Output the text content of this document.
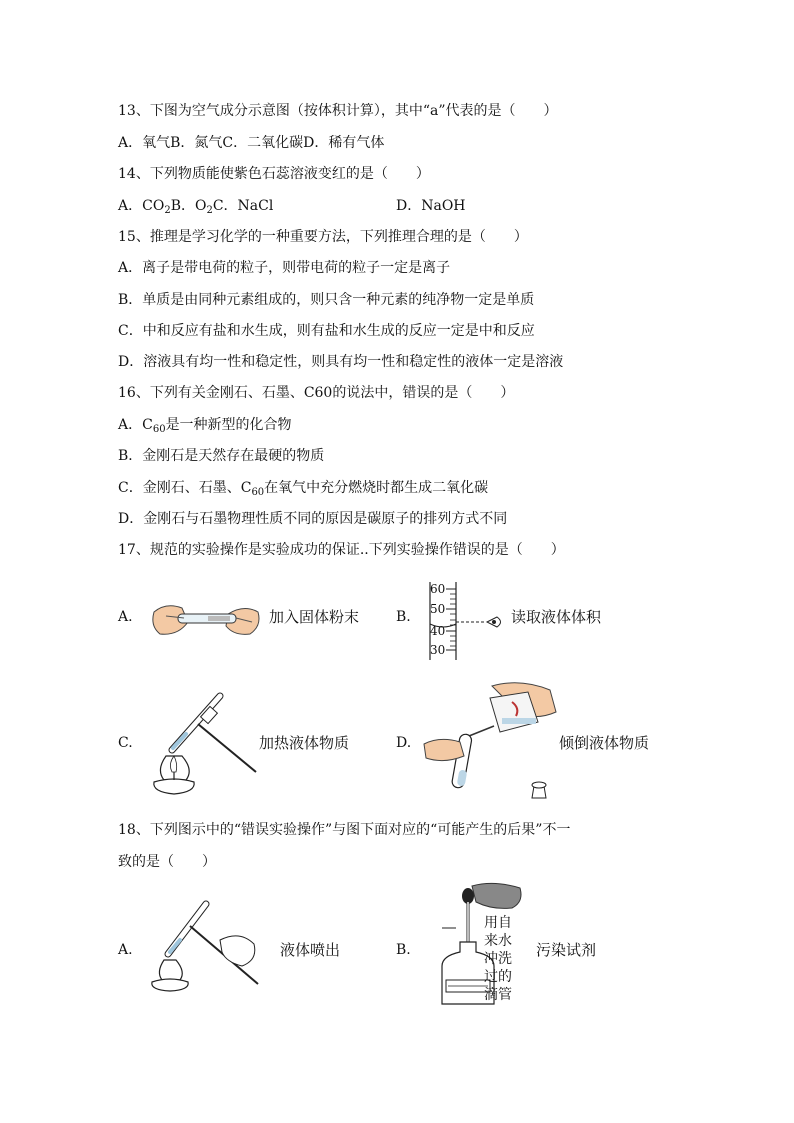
13、下图为空气成分示意图（按体积计算），其中“a”代表的是（　　）
A．氧气B．氮气C．二氧化碳D．稀有气体
14、下列物质能使紫色石蕊溶液变红的是（　　）
A．$CO_2B$．$O_2C$．NaCl	D．NaOH
15、推理是学习化学的一种重要方法，下列推理合理的是（　　）
A．离子是带电荷的粒子，则带电荷的粒子一定是离子
B．单质是由同种元素组成的，则只含一种元素的纯净物一定是单质
C．中和反应有盐和水生成，则有盐和水生成的反应一定是中和反应
D．溶液具有均一性和稳定性，则具有均一性和稳定性的液体一定是溶液
16、下列有关金刚石、石墨、C60的说法中，错误的是（　　）
A．$C_{60}$是一种新型的化合物
B．金刚石是天然存在最硬的物质
C．金刚石、石墨、$C_{60}$在氧气中充分燃烧时都生成二氧化碳
D．金刚石与石墨物理性质不同的原因是碳原子的排列方式不同
17、规范的实验操作是实验成功的保证..下列实验操作错误的是（　　）
A.	加入固体粉末	B.
60
50
40
30
读取液体体积
C.	加热液体物质	D.	倾倒液体物质
18、下列图示中的“错误实验操作”与图下面对应的“可能产生的后果”不一
致的是（　　）
A.	液体喷出	B.
用自来水冲洗过的滴管
污染试剂
